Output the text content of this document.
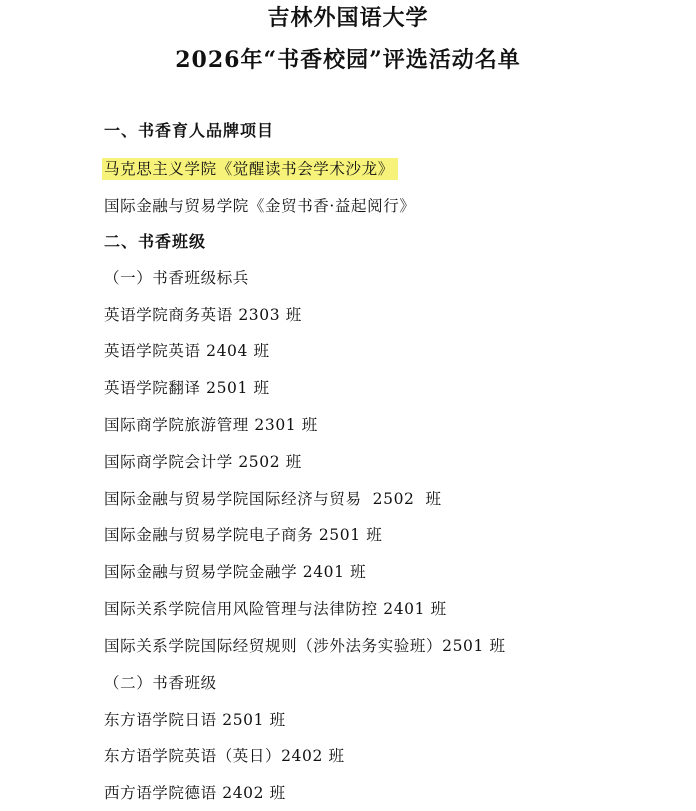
吉林外国语大学
2026年“书香校园”评选活动名单
一、书香育人品牌项目
马克思主义学院《觉醒读书会学术沙龙》
国际金融与贸易学院《金贸书香·益起阅行》
二、书香班级
（一）书香班级标兵
英语学院商务英语 2303 班
英语学院英语 2404 班
英语学院翻译 2501 班
国际商学院旅游管理 2301 班
国际商学院会计学 2502 班
国际金融与贸易学院国际经济与贸易  2502  班
国际金融与贸易学院电子商务 2501 班
国际金融与贸易学院金融学 2401 班
国际关系学院信用风险管理与法律防控 2401 班
国际关系学院国际经贸规则（涉外法务实验班）2501 班
（二）书香班级
东方语学院日语 2501 班
东方语学院英语（英日）2402 班
西方语学院德语 2402 班
